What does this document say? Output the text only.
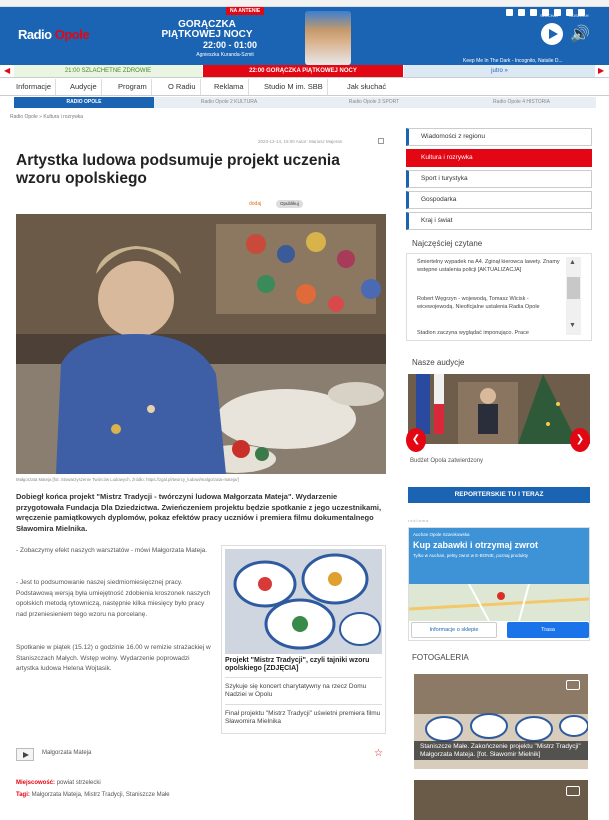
Radio Opole
NA ANTENIE
GORĄCZKA PIĄTKOWEJ NOCY
22:00 - 01:00
Agnieszka Kuranda-Szmit
SŁUCHAJ	ODSŁUCH
🔊
Keep Me In The Dark - Incognito, Natalie D...
◀	21:00 SZLACHETNE ZDROWIE	22:00 GORĄCZKA PIĄTKOWEJ NOCY	jutro »	▶
Informacje	Audycje	Program	O Radiu	Reklama	Studio M im. SBB	Jak słuchać
RADIO OPOLE	Radio Opole 2 KULTURA	Radio Opole 3 SPORT	Radio Opole 4 HISTORIA
Radio Opole » Kultura i rozrywka
2023-12-14, 15:00 Autor: Mariusz Majeran
Artystka ludowa podsumuje projekt uczenia wzoru opolskiego
dodaj	Opublikuj
Małgorzata Mateja [fot. Stowarzyszenie Twórców Ludowych, źródło: https://zgal.pl/tworcy_ludowi/malgorzata-mateja/]
Dobiegł końca projekt "Mistrz Tradycji - twórczyni ludowa Małgorzata Mateja". Wydarzenie przygotowała Fundacja Dla Dziedzictwa. Zwieńczeniem projektu będzie spotkanie z jego uczestnikami, wręczenie pamiątkowych dyplomów, pokaz efektów pracy uczniów i premiera filmu dokumentalnego Sławomira Mielnika.

- Zobaczymy efekt naszych warsztatów - mówi Małgorzata Mateja.

- Jest to podsumowanie naszej siedmiomiesięcznej pracy. Podstawową wersją była umiejętność zdobienia kroszonek naszych opolskich metodą rytowniczą, następnie kilka miesięcy było pracy nad przeniesieniem tego wzoru na porcelanę.

Spotkanie w piątek (15.12) o godzinie 16.00 w remizie strażackiej w Staniszczach Małych. Wstęp wolny. Wydarzenie poprowadzi artystka ludowa Helena Wojtasik.

Projekt "Mistrz Tradycji", czyli tajniki wzoru opolskiego [ZDJĘCIA]
Szykuje się koncert charytatywny na rzecz Domu Nadziei w Opolu
Finał projektu "Mistrz Tradycji" uświetni premiera filmu Sławomira Mielnika
Małgorzata Mateja	☆
Miejscowość: powiat strzelecki
Tagi: Małgorzata Mateja, Mistrz Tradycji, Staniszcze Małe
Wiadomości z regionu
Kultura i rozrywka
Sport i turystyka
Gospodarka
Kraj i świat
Najczęściej czytane
Śmiertelny wypadek na A4. Zginął kierowca lawety. Znamy wstępne ustalenia policji [AKTUALIZACJA]
Robert Węgrzyn - wojewodą, Tomasz Wicisk - wicewojewodą. Nieoficjalne ustalenia Radia Opole
Stadion zaczyna wyglądać imponująco. Prace
▲
▼
Nasze audycje
❮	❯
Budżet Opola zatwierdzony
REPORTERSKIE TU I TERAZ
reklama
Auchan Opole Szarokowska
Kup zabawki i otrzymaj zwrot
Tylko w Auchan, pełny zwrot w E-BONIE, poznaj produkty
Informacje o sklepie	Trasa
FOTOGALERIA
Staniszcze Małe. Zakończenie projektu "Mistrz Tradycji" Małgorzata Mateja. [fot. Sławomir Mielnik]
